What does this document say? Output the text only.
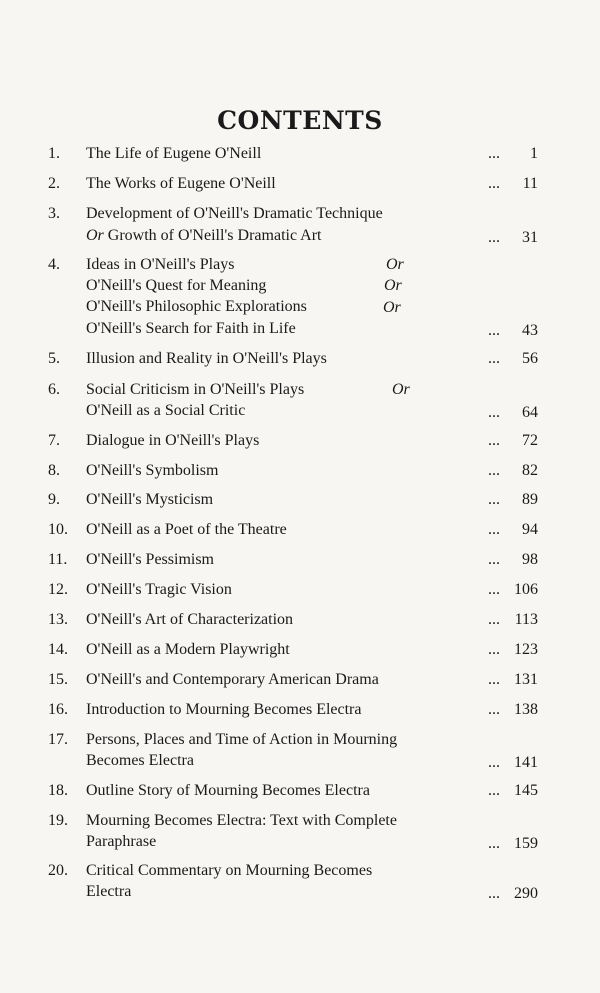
CONTENTS
1.	The Life of Eugene O'Neill	... 1
2.	The Works of Eugene O'Neill	... 11
3.	Development of O'Neill's Dramatic Technique
Or Growth of O'Neill's Dramatic Art	... 31
4.	Ideas in O'Neill's Plays	Or
O'Neill's Quest for Meaning	Or
O'Neill's Philosophic Explorations	Or
O'Neill's Search for Faith in Life	... 43
5.	Illusion and Reality in O'Neill's Plays	... 56
6.	Social Criticism in O'Neill's Plays	Or
O'Neill as a Social Critic	... 64
7.	Dialogue in O'Neill's Plays	... 72
8.	O'Neill's Symbolism	... 82
9.	O'Neill's Mysticism	... 89
10.	O'Neill as a Poet of the Theatre	... 94
11.	O'Neill's Pessimism	... 98
12.	O'Neill's Tragic Vision	... 106
13.	O'Neill's Art of Characterization	... 113
14.	O'Neill as a Modern Playwright	... 123
15.	O'Neill's and Contemporary American Drama	... 131
16.	Introduction to Mourning Becomes Electra	... 138
17.	Persons, Places and Time of Action in Mourning
Becomes Electra	... 141
18.	Outline Story of Mourning Becomes Electra	... 145
19.	Mourning Becomes Electra: Text with Complete
Paraphrase	... 159
20.	Critical Commentary on Mourning Becomes
Electra	... 290
